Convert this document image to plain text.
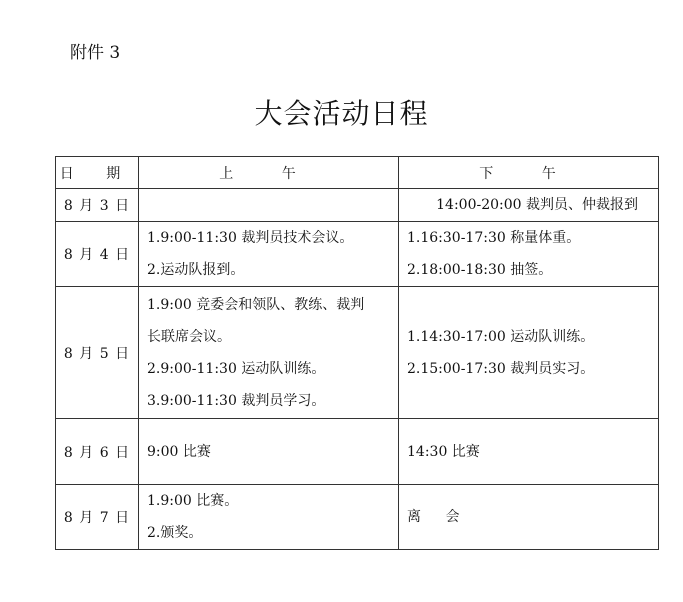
附件 3
大会活动日程
日 期	上 午	下 午
8 月 3 日		14:00-20:00 裁判员、仲裁报到

8 月 4 日	1.9:00-11:30 裁判员技术会议。
2.运动队报到。	1.16:30-17:30 称量体重。
2.18:00-18:30 抽签。

8 月 5 日	1.9:00 竞委会和领队、教练、裁判
长联席会议。
2.9:00-11:30 运动队训练。
3.9:00-11:30 裁判员学习。	1.14:30-17:00 运动队训练。
2.15:00-17:30 裁判员实习。

8 月 6 日	9:00 比赛	14:30 比赛

8 月 7 日	1.9:00 比赛。
2.颁奖。	离 会
